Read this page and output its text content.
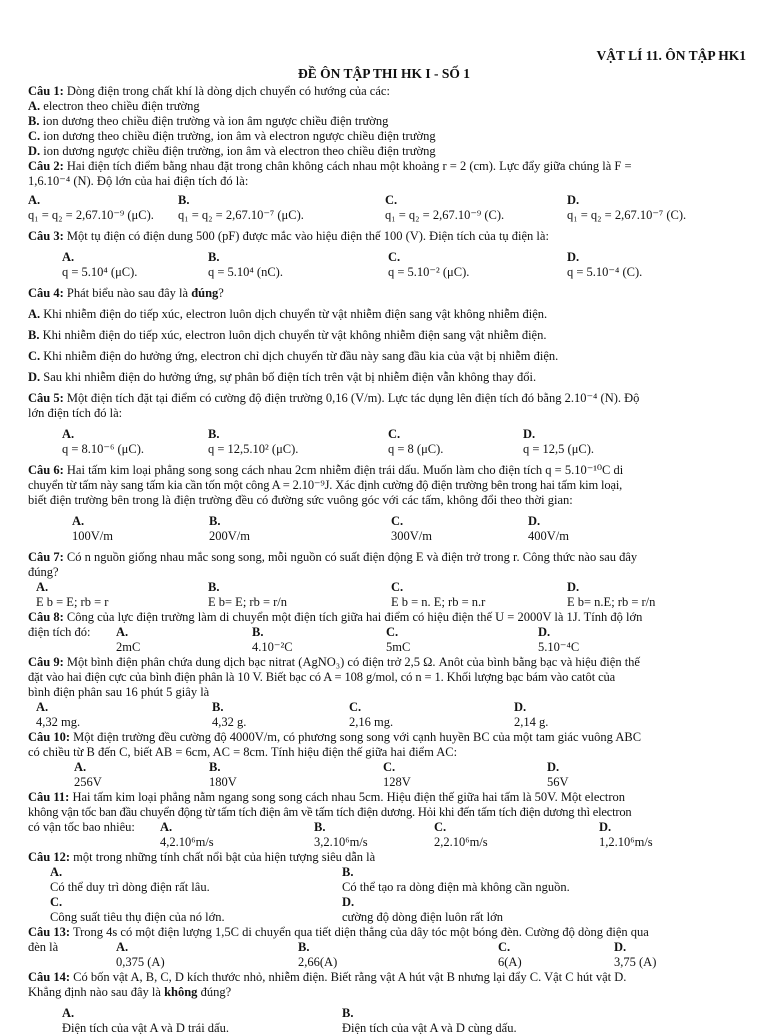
VẬT LÍ 11. ÔN TẬP HK1
ĐỀ ÔN TẬP THI HK I - SỐ 1

Câu 1: Dòng điện trong chất khí là dòng dịch chuyển có hướng của các:

A. electron theo chiều điện trường

B. ion dương theo chiều điện trường và ion âm ngược chiều điện trường

C. ion dương theo chiều điện trường, ion âm và electron ngược chiều điện trường

D. ion dương ngược chiều điện trường, ion âm và electron theo chiều điện trường

Câu 2: Hai điện tích điểm bằng nhau đặt trong chân không cách nhau một khoảng r = 2 (cm). Lực đẩy giữa chúng là F =

1,6.10⁻⁴ (N). Độ lớn của hai điện tích đó là:

A.
q₁ = q₂ = 2,67.10⁻⁹ (μC).
B.
q₁ = q₂ = 2,67.10⁻⁷ (μC).
C.
q₁ = q₂ = 2,67.10⁻⁹ (C).
D.
q₁ = q₂ = 2,67.10⁻⁷ (C).

Câu 3: Một tụ điện có điện dung 500 (pF) được mắc vào hiệu điện thế 100 (V). Điện tích của tụ điện là:

A.
q = 5.10⁴ (μC).
B.
q = 5.10⁴ (nC).
C.
q = 5.10⁻² (μC).
D.
q = 5.10⁻⁴ (C).

Câu 4: Phát biểu nào sau đây là đúng?

A. Khi nhiễm điện do tiếp xúc, electron luôn dịch chuyển từ vật nhiễm điện sang vật không nhiễm điện.

B. Khi nhiễm điện do tiếp xúc, electron luôn dịch chuyển từ vật không nhiễm điện sang vật nhiễm điện.

C. Khi nhiễm điện do hưởng ứng, electron chỉ dịch chuyển từ đầu này sang đầu kia của vật bị nhiễm điện.

D. Sau khi nhiễm điện do hưởng ứng, sự phân bố điện tích trên vật bị nhiễm điện vẫn không thay đổi.

Câu 5: Một điện tích đặt tại điểm có cường độ điện trường 0,16 (V/m). Lực tác dụng lên điện tích đó bằng 2.10⁻⁴ (N). Độ

lớn điện tích đó là:

A.
q = 8.10⁻⁶ (μC).
B.
q = 12,5.10² (μC).
C.
q = 8 (μC).
D.
q = 12,5 (μC).

Câu 6: Hai tấm kim loại phẳng song song cách nhau 2cm nhiễm điện trái dấu. Muốn làm cho điện tích q = 5.10⁻¹⁰C di

chuyển từ tấm này sang tấm kia cần tốn một công A = 2.10⁻⁹J. Xác định cường độ điện trường bên trong hai tấm kim loại,

biết điện trường bên trong là điện trường đều có đường sức vuông góc với các tấm, không đổi theo thời gian:

A.
100V/m
B.
200V/m
C.
300V/m
D.
400V/m

Câu 7: Có n nguồn giống nhau mắc song song, mỗi nguồn có suất điện động E và điện trở trong r. Công thức nào sau đây

đúng?

A.
E b = E; rb = r
B.
E b= E; rb = r/n
C.
E b = n. E; rb = n.r
D.
E b= n.E; rb = r/n

Câu 8: Công của lực điện trường làm di chuyển một điện tích giữa hai điểm có hiệu điện thế U = 2000V là 1J. Tính độ lớn

điện tích đó:	A.
2mC
B.
4.10⁻²C
C.
5mC
D.
5.10⁻⁴C

Câu 9: Một bình điện phân chứa dung dịch bạc nitrat (AgNO₃) có điện trở 2,5 Ω. Anôt của bình bằng bạc và hiệu điện thế

đặt vào hai điện cực của bình điện phân là 10 V. Biết bạc có A = 108 g/mol, có n = 1. Khối lượng bạc bám vào catôt của

bình điện phân sau 16 phút 5 giây là

A.
4,32 mg.
B.
4,32 g.
C.
2,16 mg.
D.
2,14 g.

Câu 10: Một điện trường đều cường độ 4000V/m, có phương song song với cạnh huyền BC của một tam giác vuông ABC

có chiều từ B đến C, biết AB = 6cm, AC = 8cm. Tính hiệu điện thế giữa hai điểm AC:

A.
256V
B.
180V
C.
128V
D.
56V

Câu 11: Hai tấm kim loại phẳng nằm ngang song song cách nhau 5cm. Hiệu điện thế giữa hai tấm là 50V. Một electron

không vận tốc ban đầu chuyển động từ tấm tích điện âm về tấm tích điện dương. Hỏi khi đến tấm tích điện dương thì electron

có vận tốc bao nhiêu:	A.
4,2.10⁶m/s
B.
3,2.10⁶m/s
C.
2,2.10⁶m/s
D.
1,2.10⁶m/s

Câu 12: một trong những tính chất nổi bật của hiện tượng siêu dẫn là

A.
Có thể duy trì dòng điện rất lâu.
B.
Có thể tạo ra dòng điện mà không cần nguồn.
C.
Công suất tiêu thụ điện của nó lớn.
D.
cường độ dòng điện luôn rất lớn

Câu 13: Trong 4s có một điện lượng 1,5C di chuyển qua tiết diện thẳng của dây tóc một bóng đèn. Cường độ dòng điện qua

đèn là	A.
0,375 (A)
B.
2,66(A)
C.
6(A)
D.
3,75 (A)

Câu 14: Có bốn vật A, B, C, D kích thước nhỏ, nhiễm điện. Biết rằng vật A hút vật B nhưng lại đẩy C. Vật C hút vật D.

Khẳng định nào sau đây là không đúng?

A.
Điện tích của vật A và D trái dấu.
B.
Điện tích của vật A và D cùng dấu.
